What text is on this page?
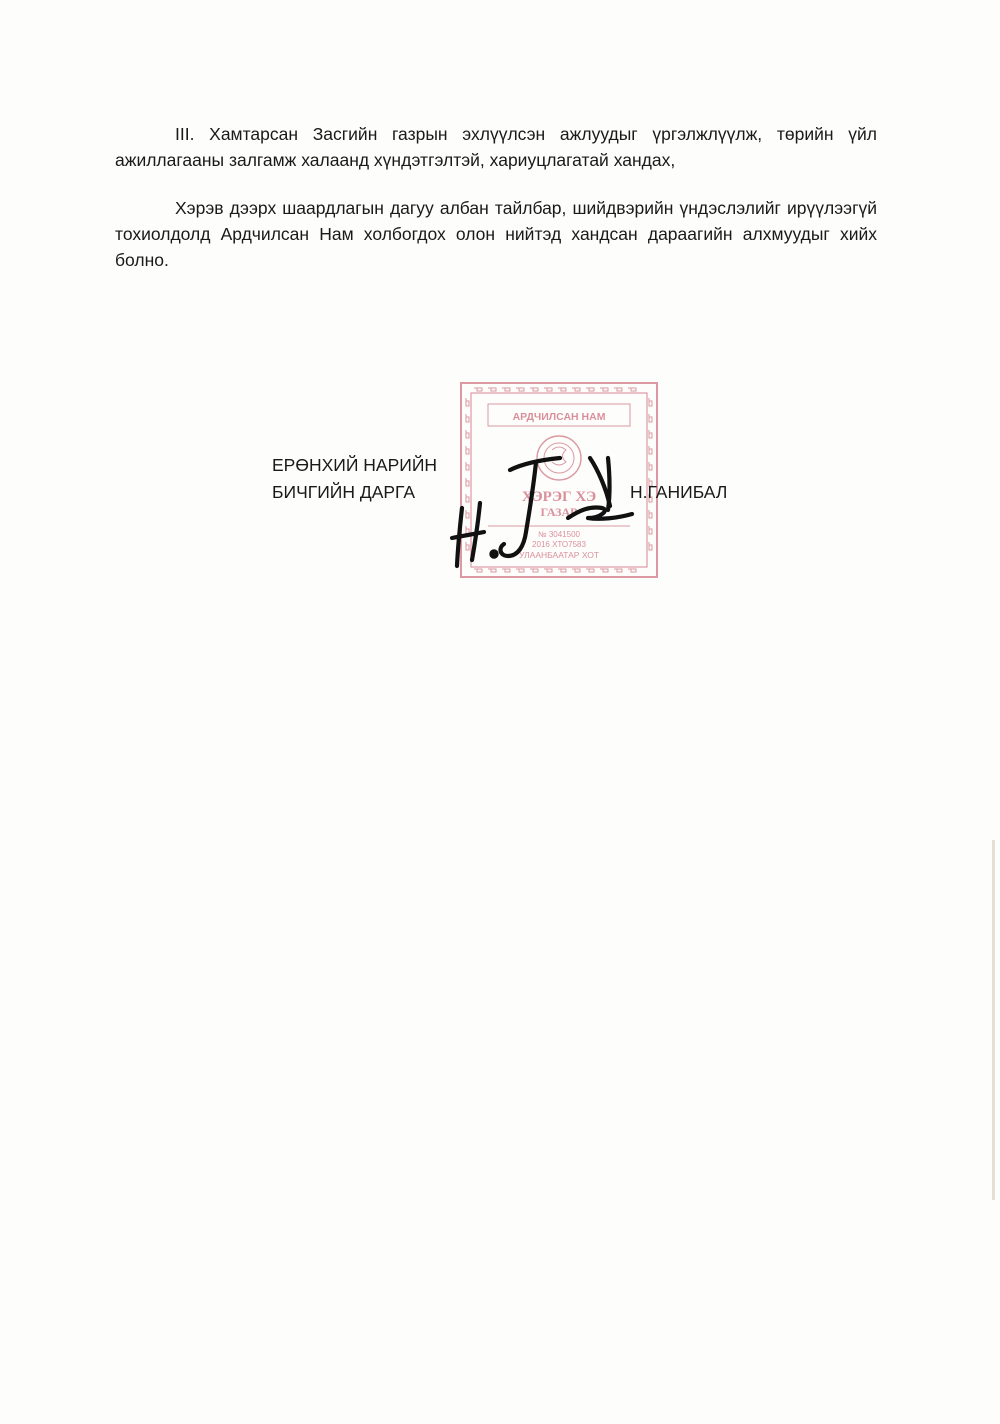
III. Хамтарсан Засгийн газрын эхлүүлсэн ажлуудыг үргэлжлүүлж, төрийн үйл ажиллагааны залгамж халаанд хүндэтгэлтэй, хариуцлагатай хандах,

Хэрэв дээрх шаардлагын дагуу албан тайлбар, шийдвэрийн үндэслэлийг ирүүлээгүй тохиолдолд Ардчилсан Нам холбогдох олон нийтэд хандсан дараагийн алхмуудыг хийх болно.

АРДЧИЛСАН НАМ
ХЭРЭГ ХЭ
ГАЗАР
№ 3041500
2016 ХТО7583
УЛААНБААТАР ХОТ
ЕРӨНХИЙ НАРИЙН
БИЧГИЙН ДАРГА	Н.ГАНИБАЛ
